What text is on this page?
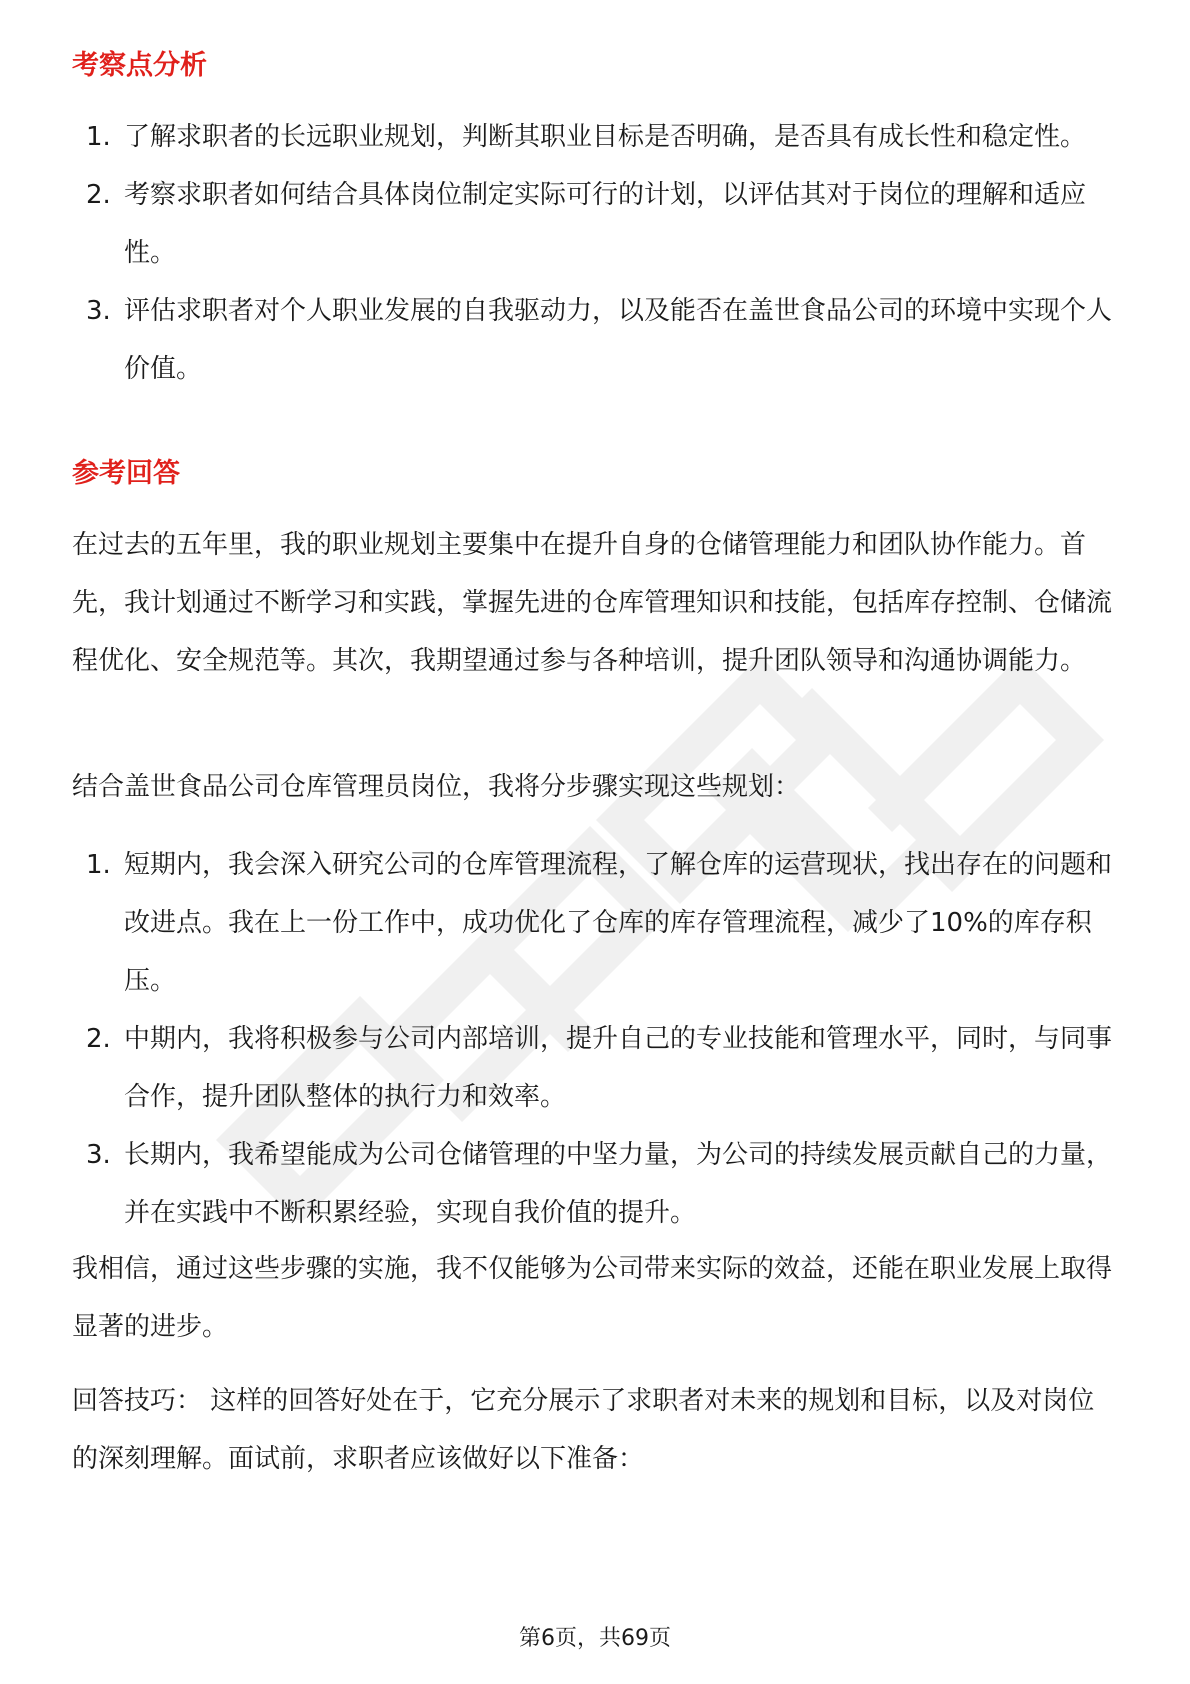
考察点分析
1. 了解求职者的长远职业规划，判断其职业目标是否明确，是否具有成长性和稳定性。
2. 考察求职者如何结合具体岗位制定实际可行的计划，以评估其对于岗位的理解和适应性。
3. 评估求职者对个人职业发展的自我驱动力，以及能否在盖世食品公司的环境中实现个人价值。
参考回答

在过去的五年里，我的职业规划主要集中在提升自身的仓储管理能力和团队协作能力。首先，我计划通过不断学习和实践，掌握先进的仓库管理知识和技能，包括库存控制、仓储流程优化、安全规范等。其次，我期望通过参与各种培训，提升团队领导和沟通协调能力。

结合盖世食品公司仓库管理员岗位，我将分步骤实现这些规划：

1. 短期内，我会深入研究公司的仓库管理流程，了解仓库的运营现状，找出存在的问题和改进点。我在上一份工作中，成功优化了仓库的库存管理流程，减少了10%的库存积压。
2. 中期内，我将积极参与公司内部培训，提升自己的专业技能和管理水平，同时，与同事合作，提升团队整体的执行力和效率。
3. 长期内，我希望能成为公司仓储管理的中坚力量，为公司的持续发展贡献自己的力量，并在实践中不断积累经验，实现自我价值的提升。

我相信，通过这些步骤的实施，我不仅能够为公司带来实际的效益，还能在职业发展上取得显著的进步。

回答技巧： 这样的回答好处在于，它充分展示了求职者对未来的规划和目标，以及对岗位的深刻理解。面试前，求职者应该做好以下准备：

第6页，共69页
